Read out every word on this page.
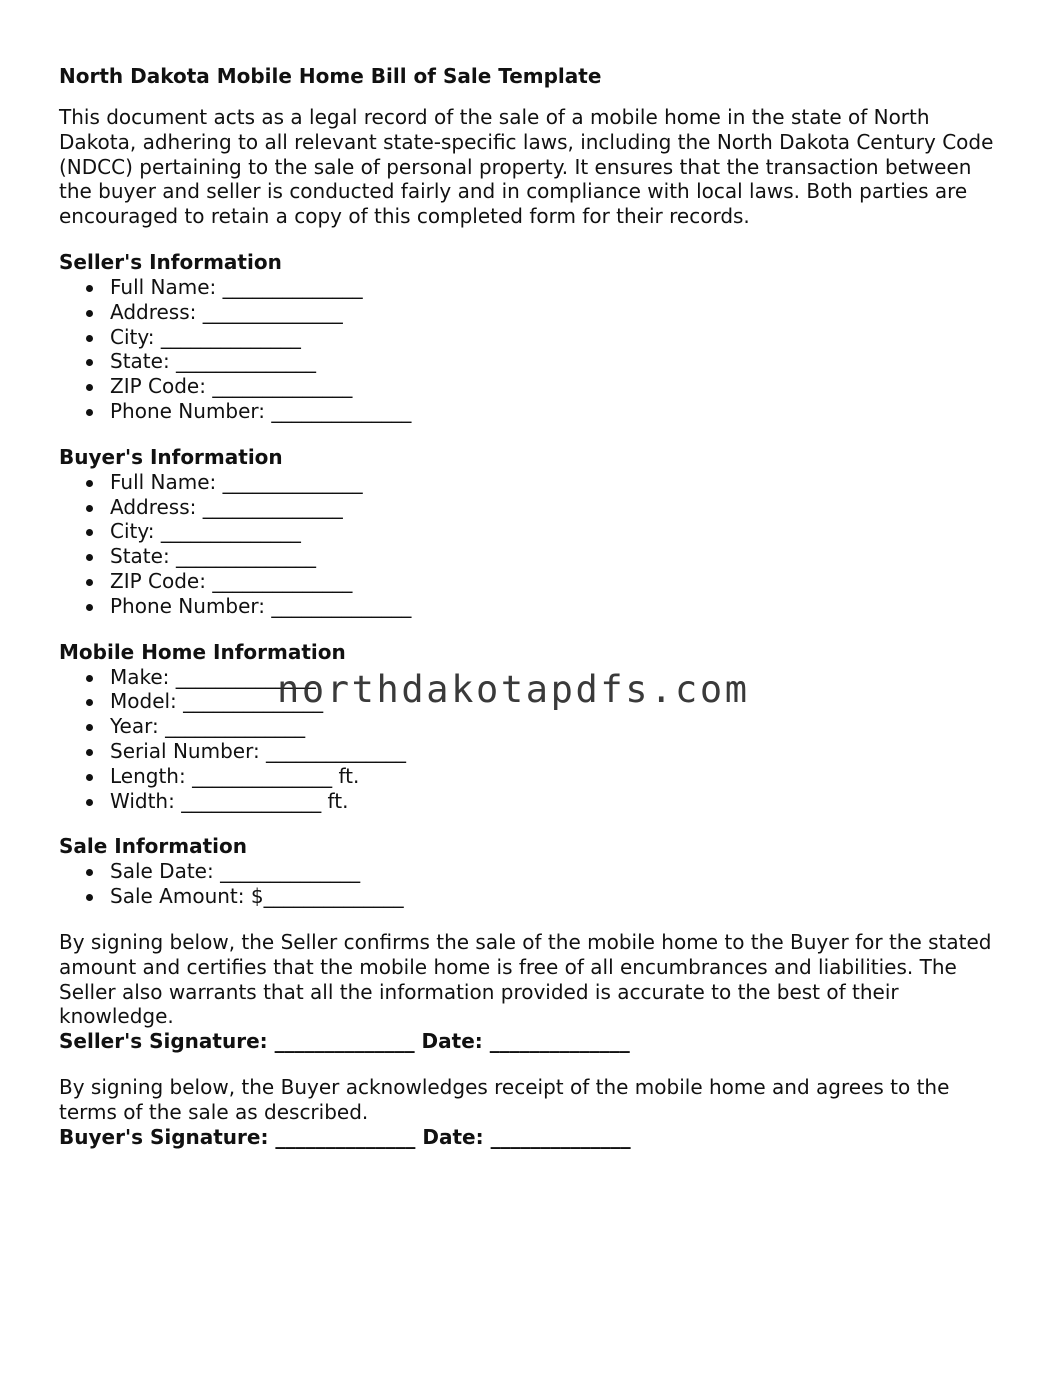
North Dakota Mobile Home Bill of Sale Template

This document acts as a legal record of the sale of a mobile home in the state of North Dakota, adhering to all relevant state-specific laws, including the North Dakota Century Code (NDCC) pertaining to the sale of personal property. It ensures that the transaction between the buyer and seller is conducted fairly and in compliance with local laws. Both parties are encouraged to retain a copy of this completed form for their records.

Seller's Information
Full Name: ______________
Address: ______________
City: ______________
State: ______________
ZIP Code: ______________
Phone Number: ______________
Buyer's Information
Full Name: ______________
Address: ______________
City: ______________
State: ______________
ZIP Code: ______________
Phone Number: ______________
Mobile Home Information
Make: ______________
Model: ______________
Year: ______________
Serial Number: ______________
Length: ______________ ft.
Width: ______________ ft.
Sale Information
Sale Date: ______________
Sale Amount: $______________

By signing below, the Seller confirms the sale of the mobile home to the Buyer for the stated amount and certifies that the mobile home is free of all encumbrances and liabilities. The Seller also warrants that all the information provided is accurate to the best of their knowledge.

Seller's Signature: ______________ Date: ______________

By signing below, the Buyer acknowledges receipt of the mobile home and agrees to the terms of the sale as described.

Buyer's Signature: ______________ Date: ______________

northdakotapdfs.com
